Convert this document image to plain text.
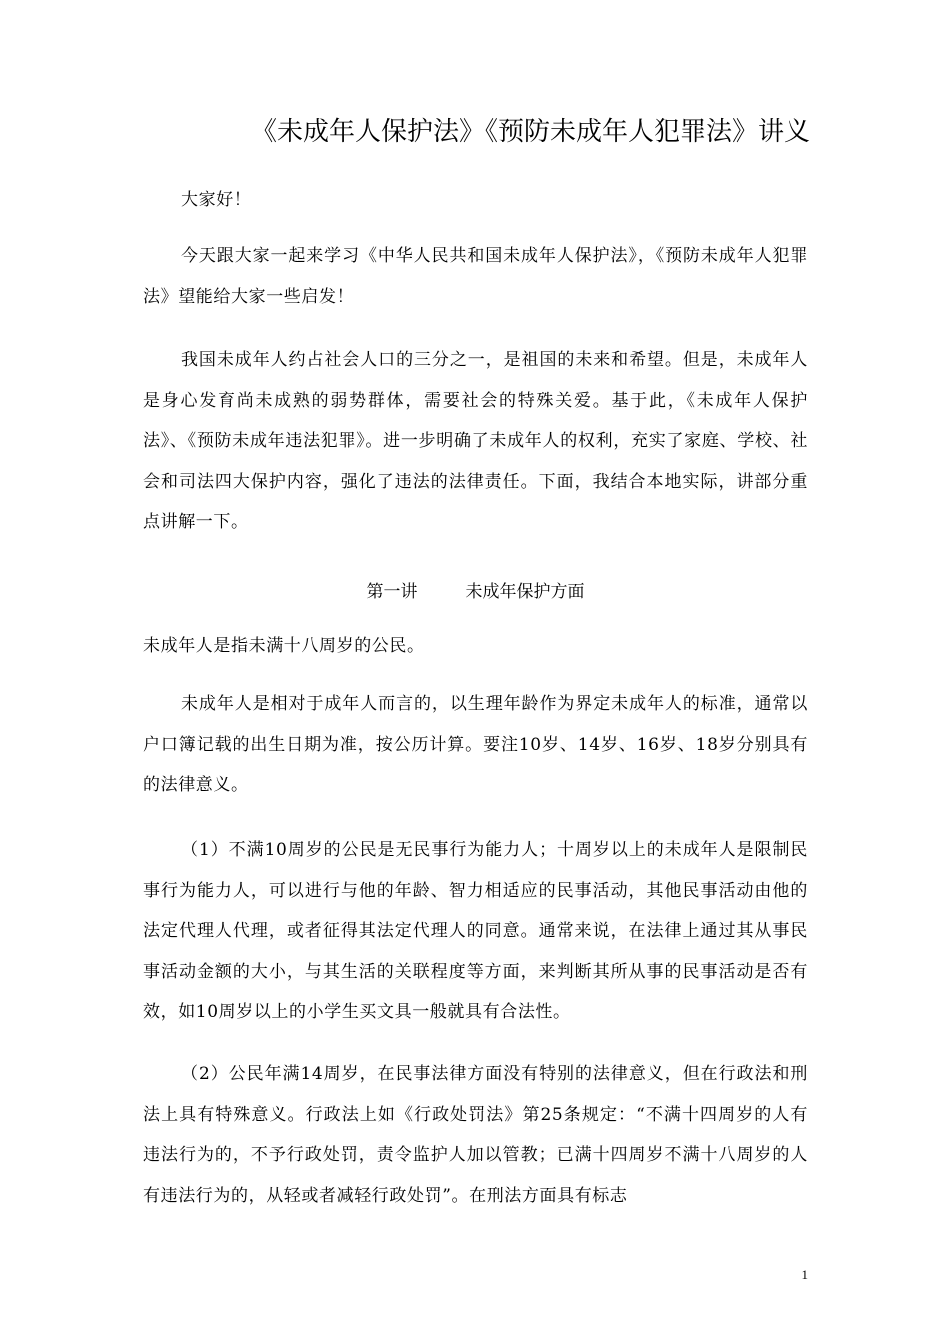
《未成年人保护法》《预防未成年人犯罪法》讲义
大家好！
今天跟大家一起来学习《中华人民共和国未成年人保护法》，《预防未成年人犯罪法》望能给大家一些启发！
我国未成年人约占社会人口的三分之一，是祖国的未来和希望。但是，未成年人是身心发育尚未成熟的弱势群体，需要社会的特殊关爱。基于此，《未成年人保护法》、《预防未成年违法犯罪》。进一步明确了未成年人的权利，充实了家庭、学校、社会和司法四大保护内容，强化了违法的法律责任。下面，我结合本地实际，讲部分重点讲解一下。
第一讲	未成年保护方面
未成年人是指未满十八周岁的公民。
未成年人是相对于成年人而言的，以生理年龄作为界定未成年人的标准，通常以户口簿记载的出生日期为准，按公历计算。要注10岁、14岁、16岁、18岁分别具有的法律意义。
（1）不满10周岁的公民是无民事行为能力人；十周岁以上的未成年人是限制民事行为能力人，可以进行与他的年龄、智力相适应的民事活动，其他民事活动由他的法定代理人代理，或者征得其法定代理人的同意。通常来说，在法律上通过其从事民事活动金额的大小，与其生活的关联程度等方面，来判断其所从事的民事活动是否有效，如10周岁以上的小学生买文具一般就具有合法性。
（2）公民年满14周岁，在民事法律方面没有特别的法律意义，但在行政法和刑法上具有特殊意义。行政法上如《行政处罚法》第25条规定：“不满十四周岁的人有违法行为的，不予行政处罚，责令监护人加以管教；已满十四周岁不满十八周岁的人有违法行为的，从轻或者减轻行政处罚”。在刑法方面具有标志
1
